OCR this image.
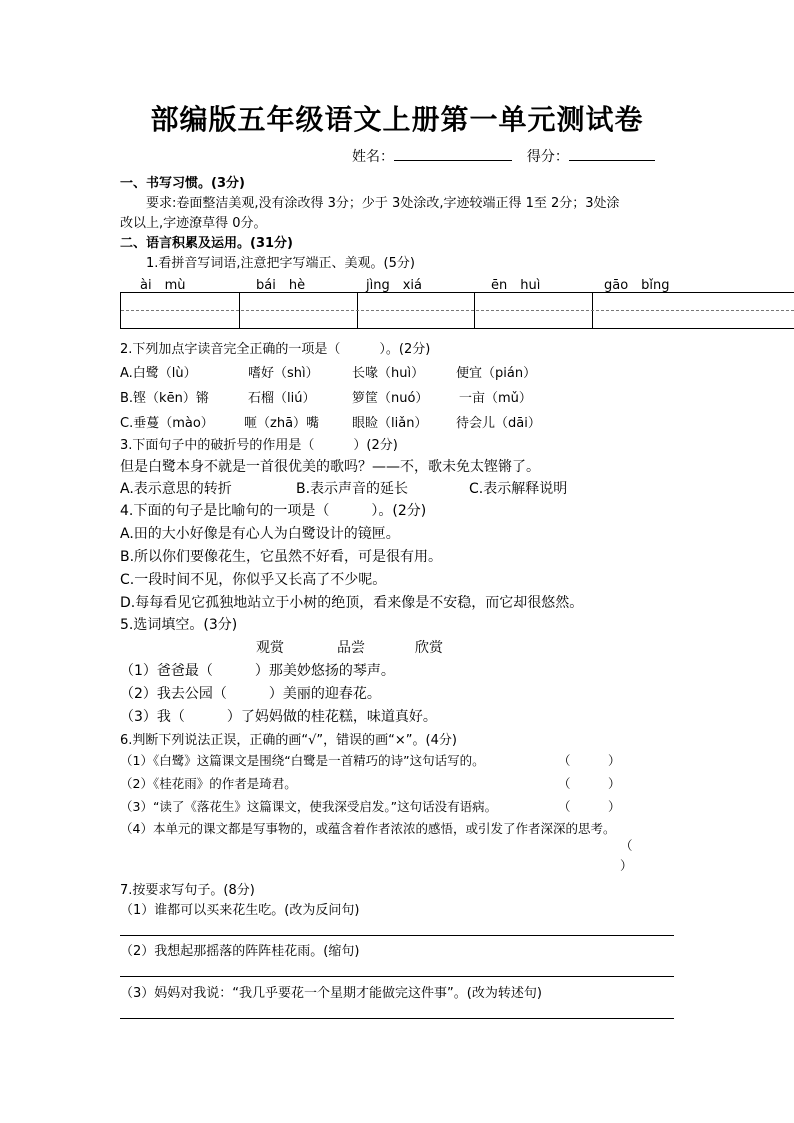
部编版五年级语文上册第一单元测试卷
姓名：	得分：
一、书写习惯。(3分)
要求:卷面整洁美观,没有涂改得 3分；少于 3处涂改,字迹较端正得 1至 2分；3处涂
改以上,字迹潦草得 0分。
二、语言积累及运用。(31分)
1.看拼音写词语,注意把字写端正、美观。(5分)
ài　mù	bái　hè	jìng　xiá	ēn　huì	gāo　bǐng
2.下列加点字读音完全正确的一项是（　　　）。(2分)
A.白鹭（lù）	嗜好（shì）	长喙（huì） 便宜（pián）
B.铿（kēn）锵	石榴（liú）	箩筐（nuó） 一亩（mǔ）
C.垂蔓（mào） 咂（zhā）嘴	眼睑（liǎn） 待会儿（dāi）
3.下面句子中的破折号的作用是（　　　）(2分)
但是白鹭本身不就是一首很优美的歌吗？——不，歌未免太铿锵了。
A.表示意思的转折	B.表示声音的延长	C.表示解释说明
4.下面的句子是比喻句的一项是（　　　）。(2分)
A.田的大小好像是有心人为白鹭设计的镜匣。
B.所以你们要像花生，它虽然不好看，可是很有用。
C.一段时间不见，你似乎又长高了不少呢。
D.每每看见它孤独地站立于小树的绝顶，看来像是不安稳，而它却很悠然。
5.选词填空。(3分)
观赏	品尝	欣赏
（1）爸爸最（　　　）那美妙悠扬的琴声。
（2）我去公园（　　　）美丽的迎春花。
（3）我（　　　）了妈妈做的桂花糕，味道真好。
6.判断下列说法正误，正确的画“√”，错误的画“×”。(4分)
（1）《白鹭》这篇课文是围绕“白鹭是一首精巧的诗”这句话写的。	（　　　）
（2）《桂花雨》的作者是琦君。	（　　　）
（3）“读了《落花生》这篇课文，使我深受启发。”这句话没有语病。	（　　　）
（4）本单元的课文都是写事物的，或蕴含着作者浓浓的感悟，或引发了作者深深的思考。
（
）
7.按要求写句子。(8分)
（1）谁都可以买来花生吃。(改为反问句)
（2）我想起那摇落的阵阵桂花雨。(缩句)
（3）妈妈对我说：“我几乎要花一个星期才能做完这件事”。(改为转述句)
